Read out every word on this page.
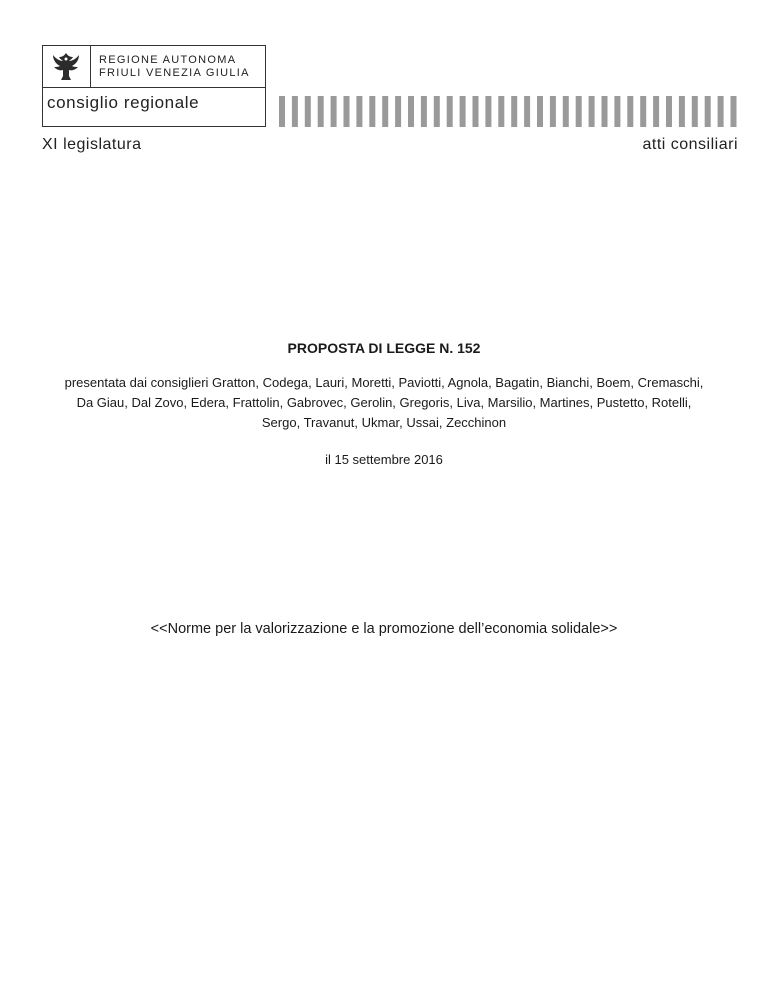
REGIONE AUTONOMA
FRIULI VENEZIA GIULIA
consiglio regionale
XI legislatura	atti consiliari
PROPOSTA DI LEGGE N. 152
presentata dai consiglieri Gratton, Codega, Lauri, Moretti, Paviotti, Agnola, Bagatin, Bianchi, Boem, Cremaschi, Da Giau, Dal Zovo, Edera, Frattolin, Gabrovec, Gerolin, Gregoris, Liva, Marsilio, Martines, Pustetto, Rotelli, Sergo, Travanut, Ukmar, Ussai, Zecchinon
il 15 settembre 2016
<<Norme per la valorizzazione e la promozione dell’economia solidale>>
